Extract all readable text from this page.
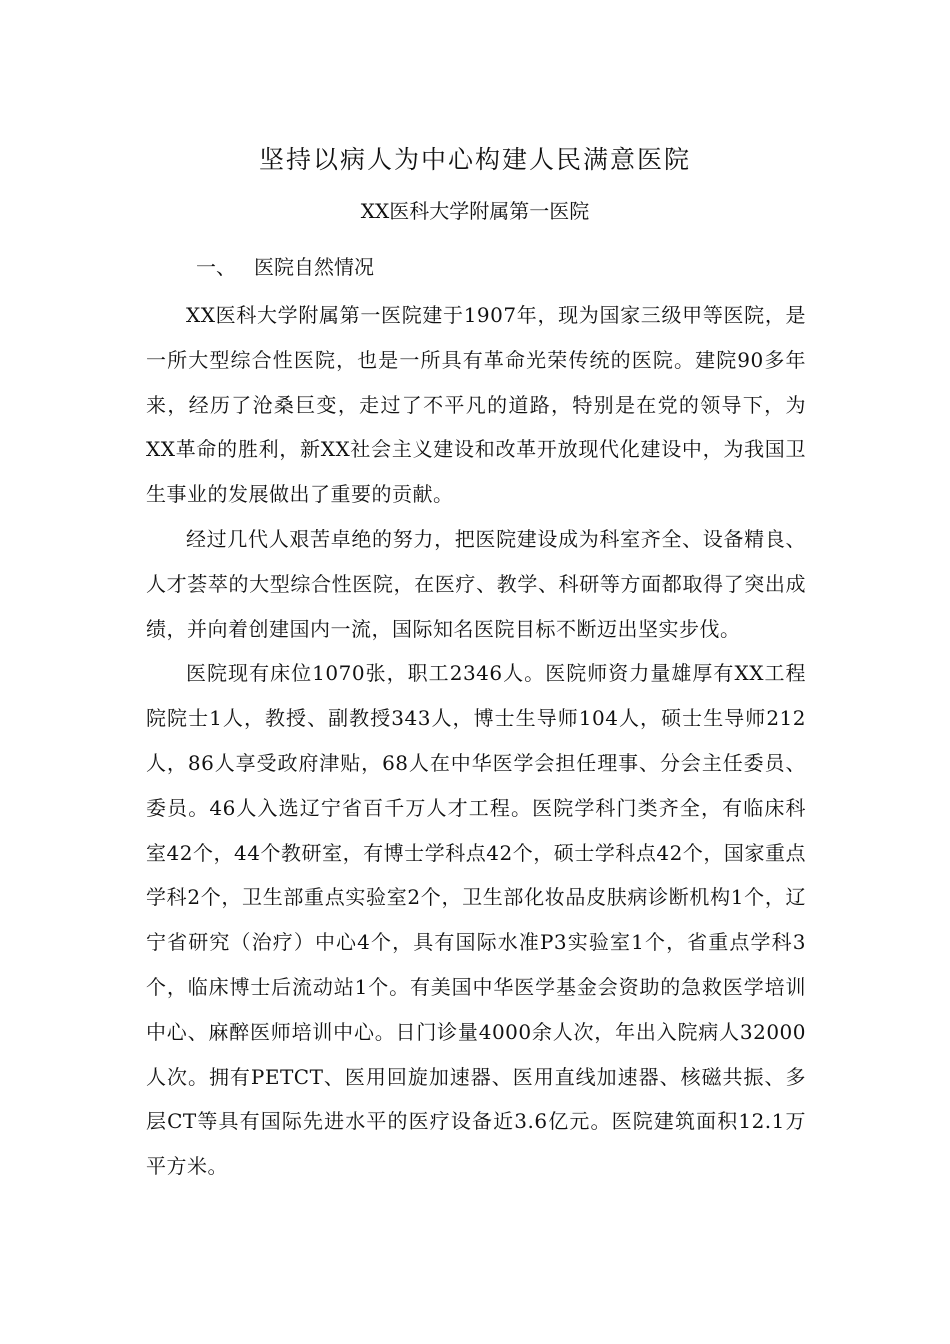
坚持以病人为中心构建人民满意医院
XX医科大学附属第一医院
一、 医院自然情况

XX医科大学附属第一医院建于1907年，现为国家三级甲等医院，是一所大型综合性医院，也是一所具有革命光荣传统的医院。建院90多年来，经历了沧桑巨变，走过了不平凡的道路，特别是在党的领导下，为XX革命的胜利，新XX社会主义建设和改革开放现代化建设中，为我国卫生事业的发展做出了重要的贡献。

经过几代人艰苦卓绝的努力，把医院建设成为科室齐全、设备精良、人才荟萃的大型综合性医院，在医疗、教学、科研等方面都取得了突出成绩，并向着创建国内一流，国际知名医院目标不断迈出坚实步伐。

医院现有床位1070张，职工2346人。医院师资力量雄厚有XX工程院院士1人，教授、副教授343人，博士生导师104人，硕士生导师212人，86人享受政府津贴，68人在中华医学会担任理事、分会主任委员、委员。46人入选辽宁省百千万人才工程。医院学科门类齐全，有临床科室42个，44个教研室，有博士学科点42个，硕士学科点42个，国家重点学科2个，卫生部重点实验室2个，卫生部化妆品皮肤病诊断机构1个，辽宁省研究（治疗）中心4个，具有国际水准P3实验室1个，省重点学科3个，临床博士后流动站1个。有美国中华医学基金会资助的急救医学培训中心、麻醉医师培训中心。日门诊量4000余人次，年出入院病人32000人次。拥有PETCT、医用回旋加速器、医用直线加速器、核磁共振、多层CT等具有国际先进水平的医疗设备近3.6亿元。医院建筑面积12.1万平方米。
